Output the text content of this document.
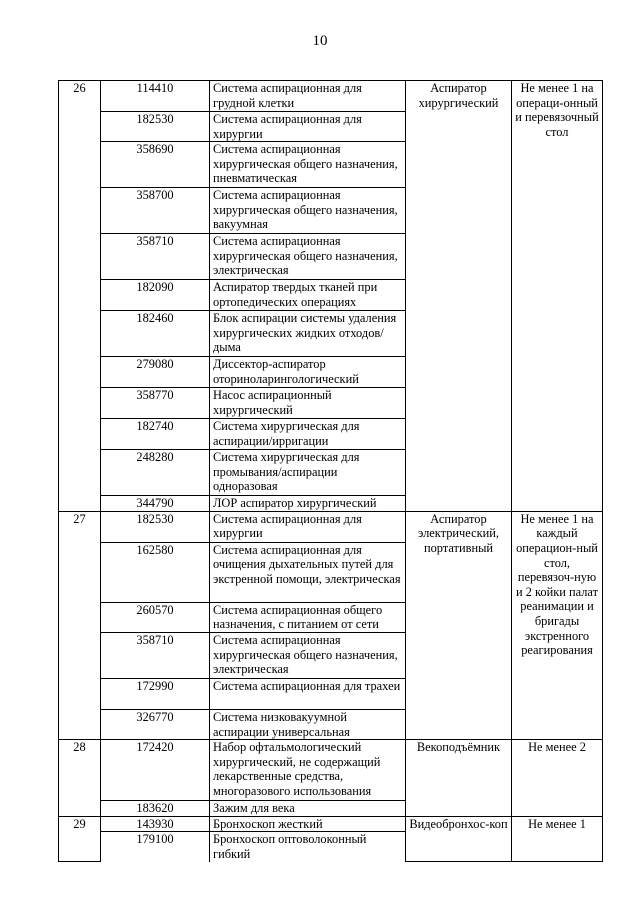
10
26	114410	Система аспирационная для грудной клетки	Аспиратор хирургический	Не менее 1 на операци-онный и перевязочный стол
	182530	Система аспирационная для хирургии		
	358690	Система аспирационная хирургическая общего назначения, пневматическая		
	358700	Система аспирационная хирургическая общего назначения, вакуумная		
	358710	Система аспирационная хирургическая общего назначения, электрическая		
	182090	Аспиратор твердых тканей при ортопедических операциях		
	182460	Блок аспирации системы удаления хирургических жидких отходов/дыма		
	279080	Диссектор-аспиратор оториноларингологический		
	358770	Насос аспирационный хирургический		
	182740	Система хирургическая для аспирации/ирригации		
	248280	Система хирургическая для промывания/аспирации одноразовая		
	344790	ЛОР аспиратор хирургический		
27	182530	Система аспирационная для хирургии	Аспиратор электрический, портативный	Не менее 1 на каждый операцион-ный стол, перевязоч-ную и 2 койки палат реанимации и бригады экстренного реагирования
	162580	Система аспирационная для очищения дыхательных путей для экстренной помощи, электрическая		
	260570	Система аспирационная общего назначения, с питанием от сети		
	358710	Система аспирационная хирургическая общего назначения, электрическая		
	172990	Система аспирационная для трахеи		
	326770	Система низковакуумной аспирации универсальная		
28	172420	Набор офтальмологический хирургический, не содержащий лекарственные средства, многоразового использования	Векоподъёмник	Не менее 2
	183620	Зажим для века		
29	143930	Бронхоскоп жесткий	Видеобронхос-коп	Не менее 1
	179100	Бронхоскоп оптоволоконный гибкий		
